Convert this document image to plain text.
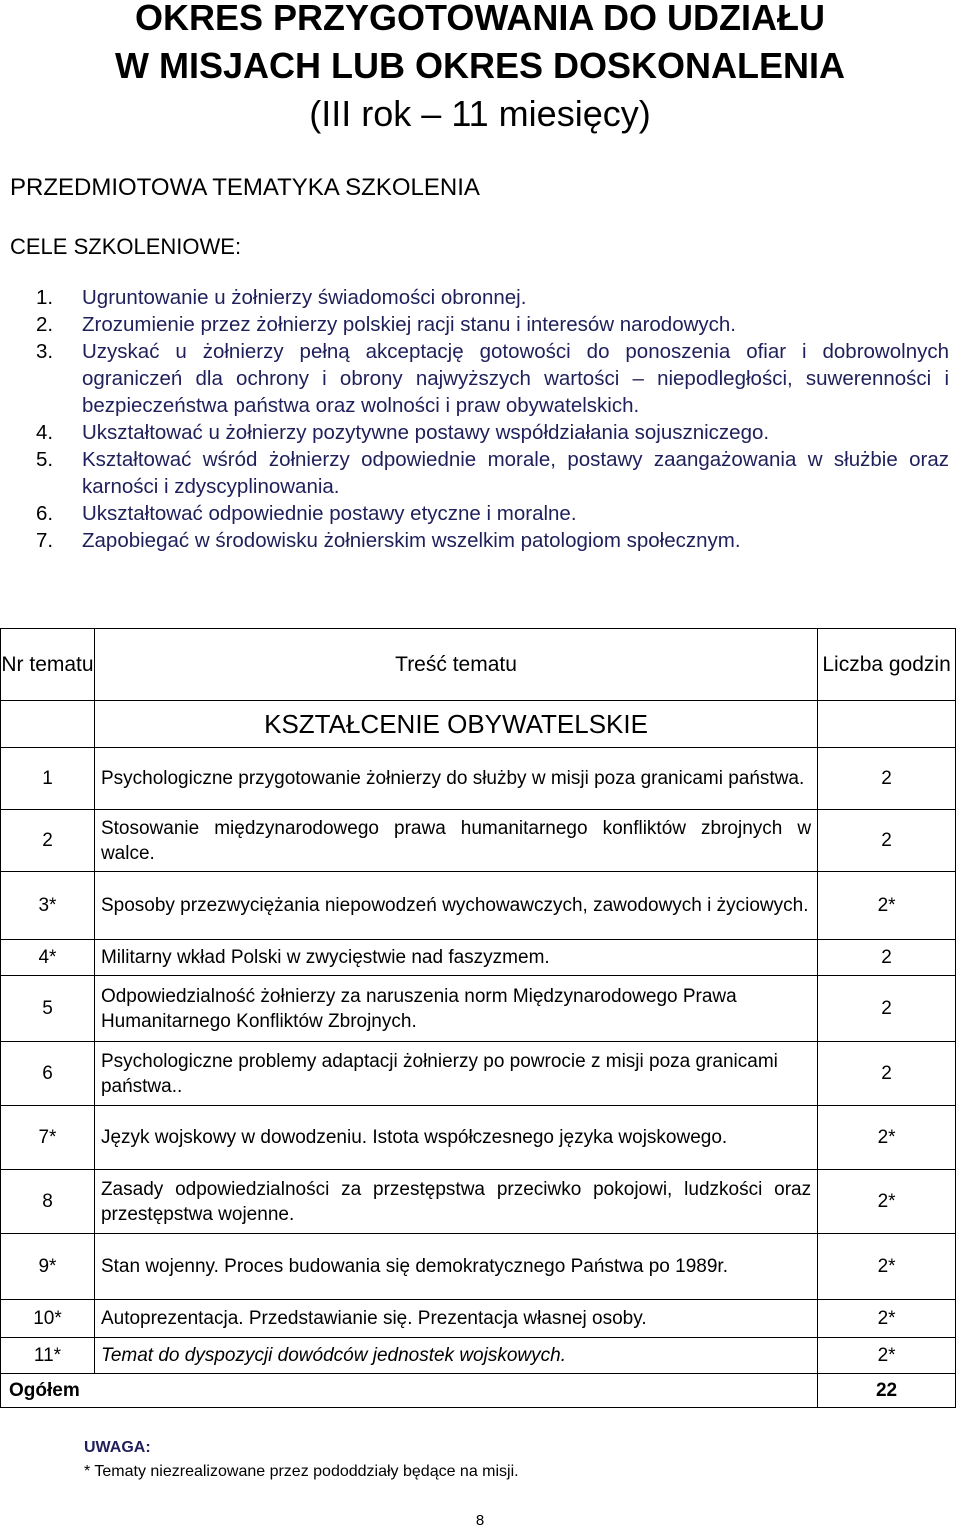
OKRES PRZYGOTOWANIA DO UDZIAŁU

W MISJACH LUB OKRES DOSKONALENIA

(III rok – 11 miesięcy)

PRZEDMIOTOWA TEMATYKA SZKOLENIA
CELE SZKOLENIOWE:
1. Ugruntowanie u żołnierzy świadomości obronnej.
2. Zrozumienie przez żołnierzy polskiej racji stanu i interesów narodowych.
3. Uzyskać u żołnierzy pełną akceptację gotowości do ponoszenia ofiar i dobrowolnych ograniczeń dla ochrony i obrony najwyższych wartości – niepodległości, suwerenności i bezpieczeństwa państwa oraz wolności i praw obywatelskich.
4. Ukształtować u żołnierzy pozytywne postawy współdziałania sojuszniczego.
5. Kształtować wśród żołnierzy odpowiednie morale, postawy zaangażowania w służbie oraz karności i zdyscyplinowania.
6. Ukształtować odpowiednie postawy etyczne i moralne.
7. Zapobiegać w środowisku żołnierskim wszelkim patologiom społecznym.
Nr tematu	Treść tematu	Liczba godzin
	KSZTAŁCENIE OBYWATELSKIE	
1	Psychologiczne przygotowanie żołnierzy do służby w misji poza granicami państwa.	2
2	Stosowanie międzynarodowego prawa humanitarnego konfliktów zbrojnych w walce.	2
3*	Sposoby przezwyciężania niepowodzeń wychowawczych, zawodowych i życiowych.	2*
4*	Militarny wkład Polski w zwycięstwie nad faszyzmem.	2
5	Odpowiedzialność żołnierzy za naruszenia norm Międzynarodowego Prawa Humanitarnego Konfliktów Zbrojnych.	2
6	Psychologiczne problemy adaptacji żołnierzy po powrocie z misji poza granicami państwa..	2
7*	Język wojskowy w dowodzeniu. Istota współczesnego języka wojskowego.	2*
8	Zasady odpowiedzialności za przestępstwa przeciwko pokojowi, ludzkości oraz przestępstwa wojenne.	2*
9*	Stan wojenny. Proces budowania się demokratycznego Państwa po 1989r.	2*
10*	Autoprezentacja. Przedstawianie się. Prezentacja własnej osoby.	2*
11*	Temat do dyspozycji dowódców jednostek wojskowych.	2*
Ogółem		22
UWAGA:
* Tematy niezrealizowane przez pododdziały będące na misji.
8
